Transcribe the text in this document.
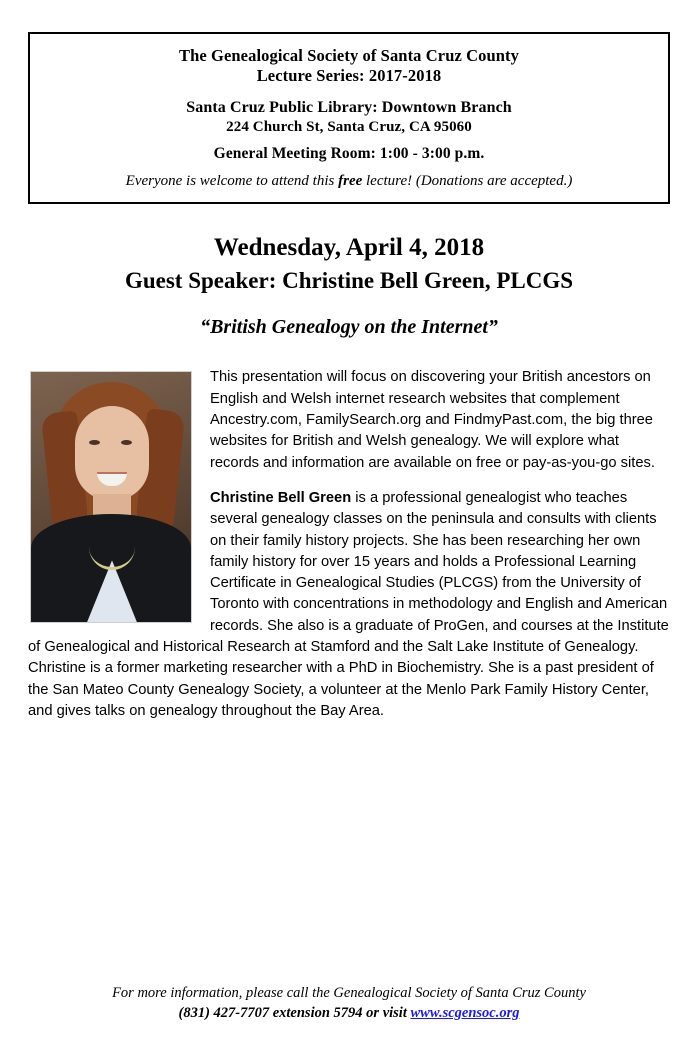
The Genealogical Society of Santa Cruz County
Lecture Series: 2017-2018
Santa Cruz Public Library: Downtown Branch
224 Church St, Santa Cruz, CA 95060
General Meeting Room: 1:00 - 3:00 p.m.
Everyone is welcome to attend this free lecture! (Donations are accepted.)
Wednesday, April 4, 2018
Guest Speaker: Christine Bell Green, PLCGS
“British Genealogy on the Internet”

This presentation will focus on discovering your British ancestors on English and Welsh internet research websites that complement Ancestry.com, FamilySearch.org and FindmyPast.com, the big three websites for British and Welsh genealogy. We will explore what records and information are available on free or pay-as-you-go sites.

Christine Bell Green is a professional genealogist who teaches several genealogy classes on the peninsula and consults with clients on their family history projects. She has been researching her own family history for over 15 years and holds a Professional Learning Certificate in Genealogical Studies (PLCGS) from the University of Toronto with concentrations in methodology and English and American records. She also is a graduate of ProGen, and courses at the Institute of Genealogical and Historical Research at Stamford and the Salt Lake Institute of Genealogy. Christine is a former marketing researcher with a PhD in Biochemistry. She is a past president of the San Mateo County Genealogy Society, a volunteer at the Menlo Park Family History Center, and gives talks on genealogy throughout the Bay Area.

For more information, please call the Genealogical Society of Santa Cruz County
(831) 427-7707 extension 5794 or visit www.scgensoc.org
